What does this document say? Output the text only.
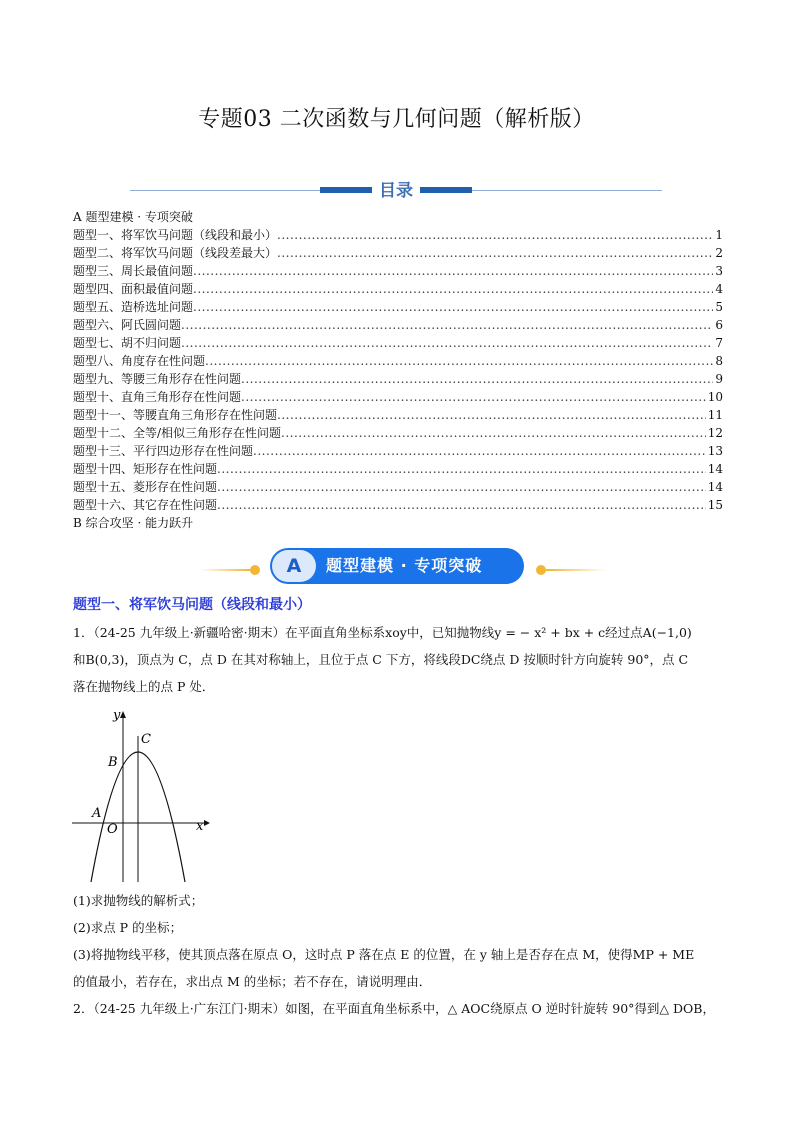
专题03 二次函数与几何问题（解析版）
目录
A 题型建模 · 专项突破
题型一、将军饮马问题（线段和最小） .....	1
题型二、将军饮马问题（线段差最大） .....	2
题型三、周长最值问题 .....	3
题型四、面积最值问题 .....	4
题型五、造桥选址问题 .....	5
题型六、阿氏圆问题 .....	6
题型七、胡不归问题 .....	7
题型八、角度存在性问题 .....	8
题型九、等腰三角形存在性问题 .....	9
题型十、直角三角形存在性问题 .....	10
题型十一、等腰直角三角形存在性问题 .....	11
题型十二、全等/相似三角形存在性问题 .....	12
题型十三、平行四边形存在性问题 .....	13
题型十四、矩形存在性问题 .....	14
题型十五、菱形存在性问题 .....	14
题型十六、其它存在性问题 .....	15
B 综合攻坚 · 能力跃升
A	题型建模 · 专项突破
题型一、将军饮马问题（线段和最小）
1．（24-25 九年级上·新疆哈密·期末）在平面直角坐标系xoy中，已知抛物线y = − x² + bx + c经过点A(−1,0)
和B(0,3)，顶点为 C，点 D 在其对称轴上，且位于点 C 下方，将线段DC绕点 D 按顺时针方向旋转 90°，点 C
落在抛物线上的点 P 处．
y
x
O
A
B
C
(1)求抛物线的解析式；
(2)求点 P 的坐标；
(3)将抛物线平移，使其顶点落在原点 O，这时点 P 落在点 E 的位置，在 y 轴上是否存在点 M，使得MP + ME
的值最小，若存在，求出点 M 的坐标；若不存在，请说明理由．
2．（24-25 九年级上·广东江门·期末）如图，在平面直角坐标系中，△ AOC绕原点 O 逆时针旋转 90°得到△ DOB，
